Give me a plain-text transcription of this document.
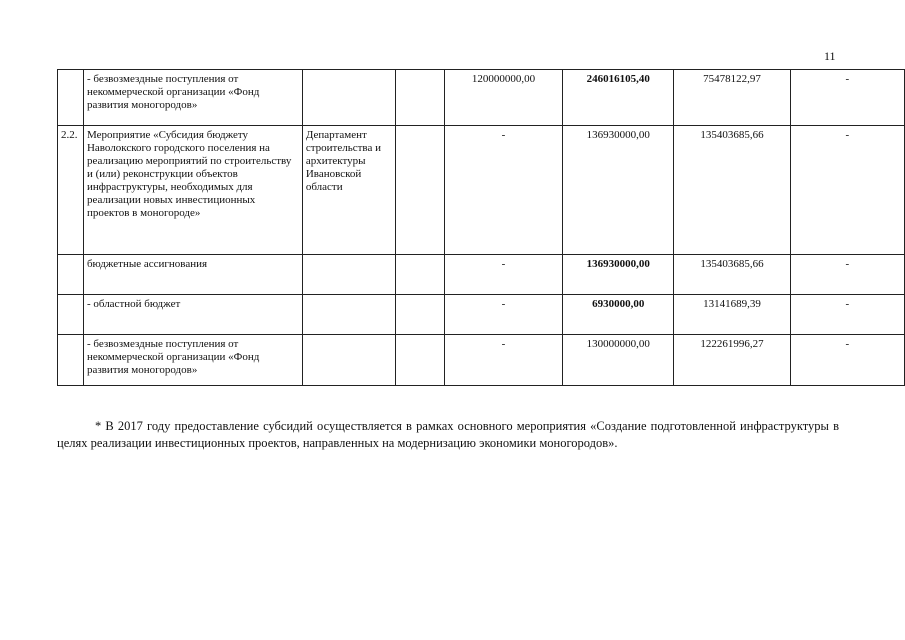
11
	- безвозмездные поступления от некоммерческой организации «Фонд развития моногородов»			120000000,00	246016105,40	75478122,97	-
2.2.	Мероприятие «Субсидия бюджету Наволокского городского поселения на реализацию мероприятий по строительству и (или) реконструкции объектов инфраструктуры, необходимых для реализации новых инвестиционных проектов в моногороде»	Департамент строительства и архитектуры Ивановской области		-	136930000,00	135403685,66	-
	бюджетные ассигнования			-	136930000,00	135403685,66	-
	- областной бюджет			-	6930000,00	13141689,39	-
	- безвозмездные поступления от некоммерческой организации «Фонд развития моногородов»			-	130000000,00	122261996,27	-

* В 2017 году предоставление субсидий осуществляется в рамках основного мероприятия «Создание подготовленной инфраструктуры в целях реализации инвестиционных проектов, направленных на модернизацию экономики моногородов».
